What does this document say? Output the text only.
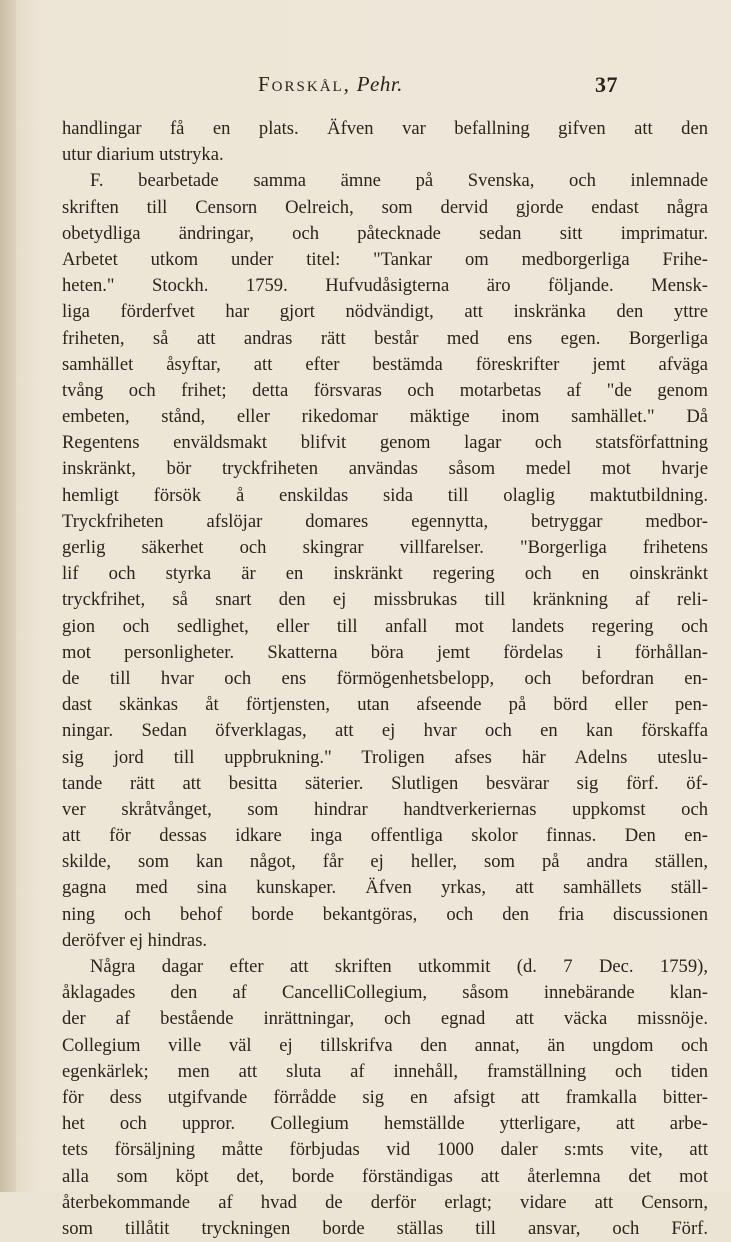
Forskål, Pehr.	37
handlingar få en plats. Äfven var befallning gifven att den
utur diarium utstryka.
F. bearbetade samma ämne på Svenska, och inlemnade
skriften till Censorn Oelreich, som dervid gjorde endast några
obetydliga ändringar, och påtecknade sedan sitt imprimatur.
Arbetet utkom under titel: "Tankar om medborgerliga Frihe-
heten." Stockh. 1759. Hufvudåsigterna äro följande. Mensk-
liga förderfvet har gjort nödvändigt, att inskränka den yttre
friheten, så att andras rätt består med ens egen. Borgerliga
samhället åsyftar, att efter bestämda föreskrifter jemt afväga
tvång och frihet; detta försvaras och motarbetas af "de genom
embeten, stånd, eller rikedomar mäktige inom samhället." Då
Regentens enväldsmakt blifvit genom lagar och statsförfattning
inskränkt, bör tryckfriheten användas såsom medel mot hvarje
hemligt försök å enskildas sida till olaglig maktutbildning.
Tryckfriheten afslöjar domares egennytta, betryggar medbor-
gerlig säkerhet och skingrar villfarelser. "Borgerliga frihetens
lif och styrka är en inskränkt regering och en oinskränkt
tryckfrihet, så snart den ej missbrukas till kränkning af reli-
gion och sedlighet, eller till anfall mot landets regering och
mot personligheter. Skatterna böra jemt fördelas i förhållan-
de till hvar och ens förmögenhetsbelopp, och befordran en-
dast skänkas åt förtjensten, utan afseende på börd eller pen-
ningar. Sedan öfverklagas, att ej hvar och en kan förskaffa
sig jord till uppbrukning." Troligen afses här Adelns uteslu-
tande rätt att besitta säterier. Slutligen besvärar sig förf. öf-
ver skråtvånget, som hindrar handtverkeriernas uppkomst och
att för dessas idkare inga offentliga skolor finnas. Den en-
skilde, som kan något, får ej heller, som på andra ställen,
gagna med sina kunskaper. Äfven yrkas, att samhällets ställ-
ning och behof borde bekantgöras, och den fria discussionen
deröfver ej hindras.
Några dagar efter att skriften utkommit (d. 7 Dec. 1759),
åklagades den af CancelliCollegium, såsom innebärande klan-
der af bestående inrättningar, och egnad att väcka missnöje.
Collegium ville väl ej tillskrifva den annat, än ungdom och
egenkärlek; men att sluta af innehåll, framställning och tiden
för dess utgifvande förrådde sig en afsigt att framkalla bitter-
het och uppror. Collegium hemställde ytterligare, att arbe-
tets försäljning måtte förbjudas vid 1000 daler s:mts vite, att
alla som köpt det, borde förständigas att återlemna det mot
återbekommande af hvad de derför erlagt; vidare att Censorn,
som tillåtit tryckningen borde ställas till ansvar, och Förf.
